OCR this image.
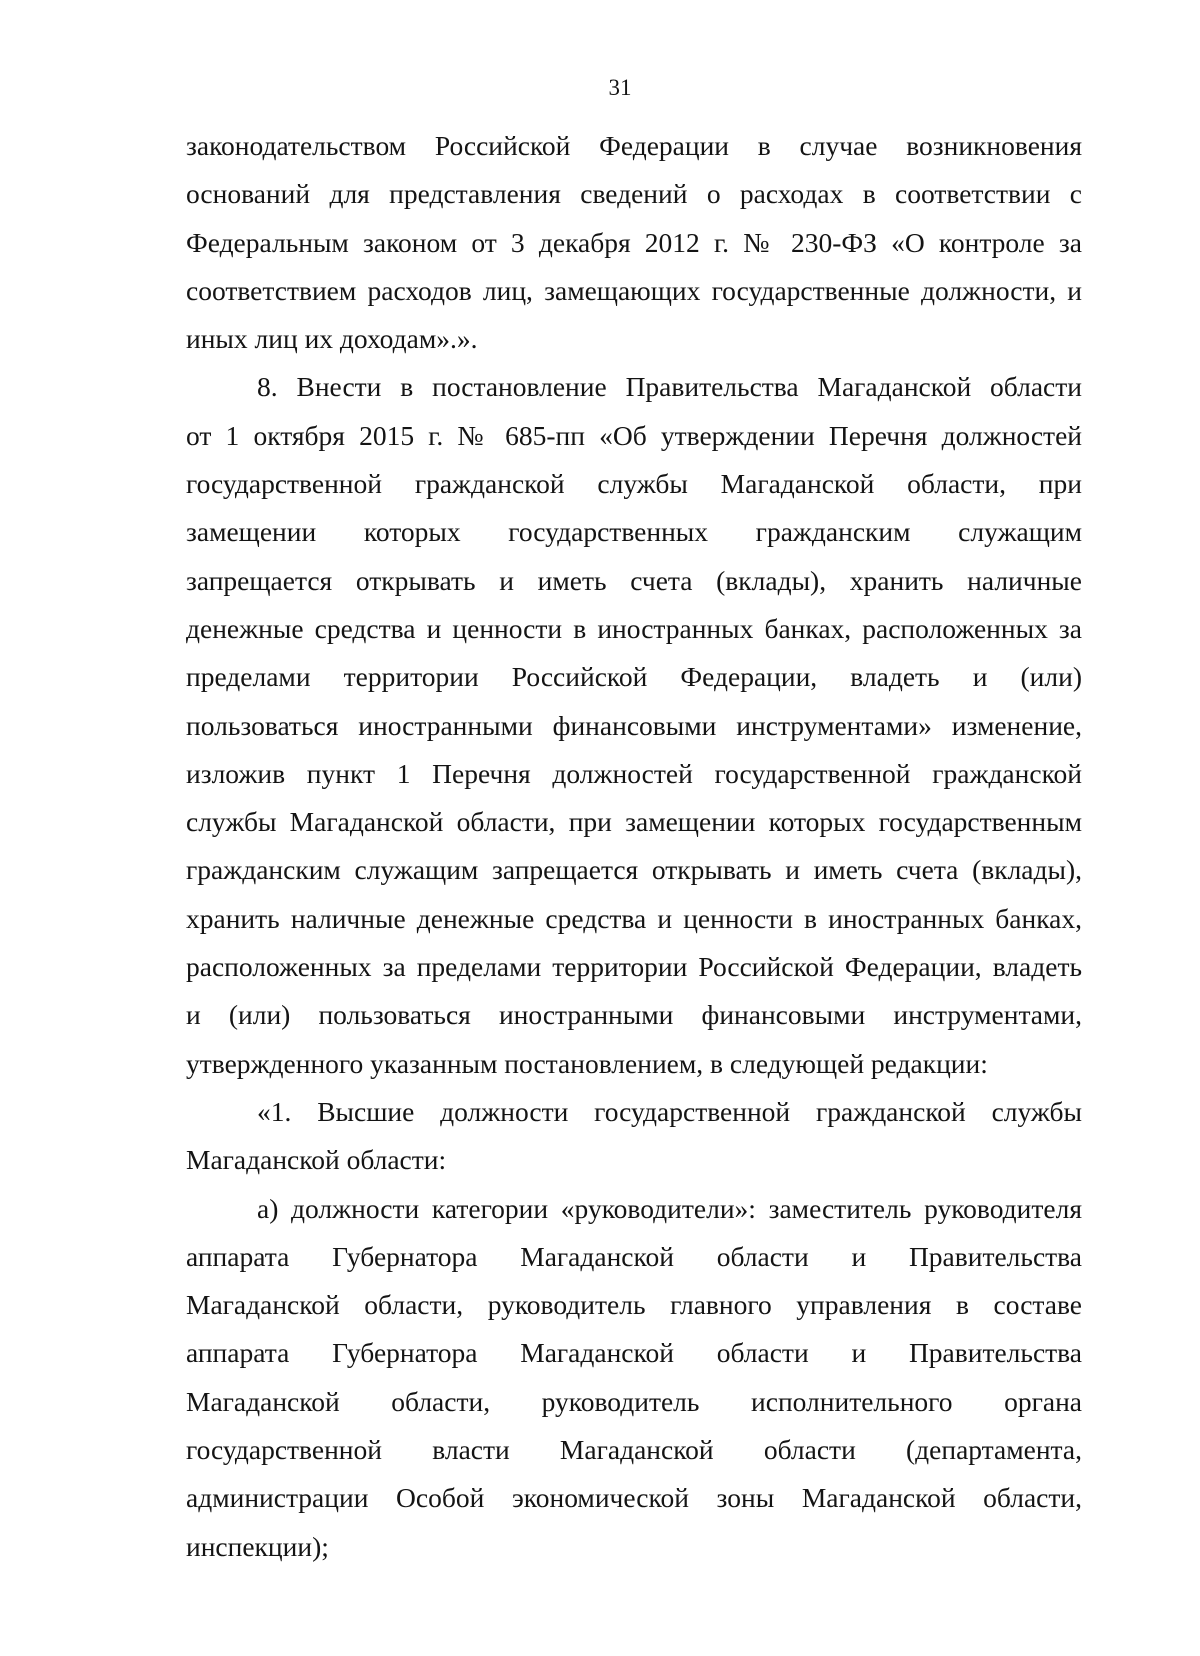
31
законодательством Российской Федерации в случае возникновения
оснований для представления сведений о расходах в соответствии с
Федеральным законом от 3 декабря 2012 г. № 230-ФЗ «О контроле за
соответствием расходов лиц, замещающих государственные должности, и
иных лиц их доходам».».
8. Внести в постановление Правительства Магаданской области
от 1 октября 2015 г. № 685-пп «Об утверждении Перечня должностей
государственной гражданской службы Магаданской области, при
замещении которых государственных гражданским служащим
запрещается открывать и иметь счета (вклады), хранить наличные
денежные средства и ценности в иностранных банках, расположенных за
пределами территории Российской Федерации, владеть и (или)
пользоваться иностранными финансовыми инструментами» изменение,
изложив пункт 1 Перечня должностей государственной гражданской
службы Магаданской области, при замещении которых государственным
гражданским служащим запрещается открывать и иметь счета (вклады),
хранить наличные денежные средства и ценности в иностранных банках,
расположенных за пределами территории Российской Федерации, владеть
и (или) пользоваться иностранными финансовыми инструментами,
утвержденного указанным постановлением, в следующей редакции:
«1. Высшие должности государственной гражданской службы
Магаданской области:
а) должности категории «руководители»: заместитель руководителя
аппарата Губернатора Магаданской области и Правительства
Магаданской области, руководитель главного управления в составе
аппарата Губернатора Магаданской области и Правительства
Магаданской области, руководитель исполнительного органа
государственной власти Магаданской области (департамента,
администрации Особой экономической зоны Магаданской области,
инспекции);
